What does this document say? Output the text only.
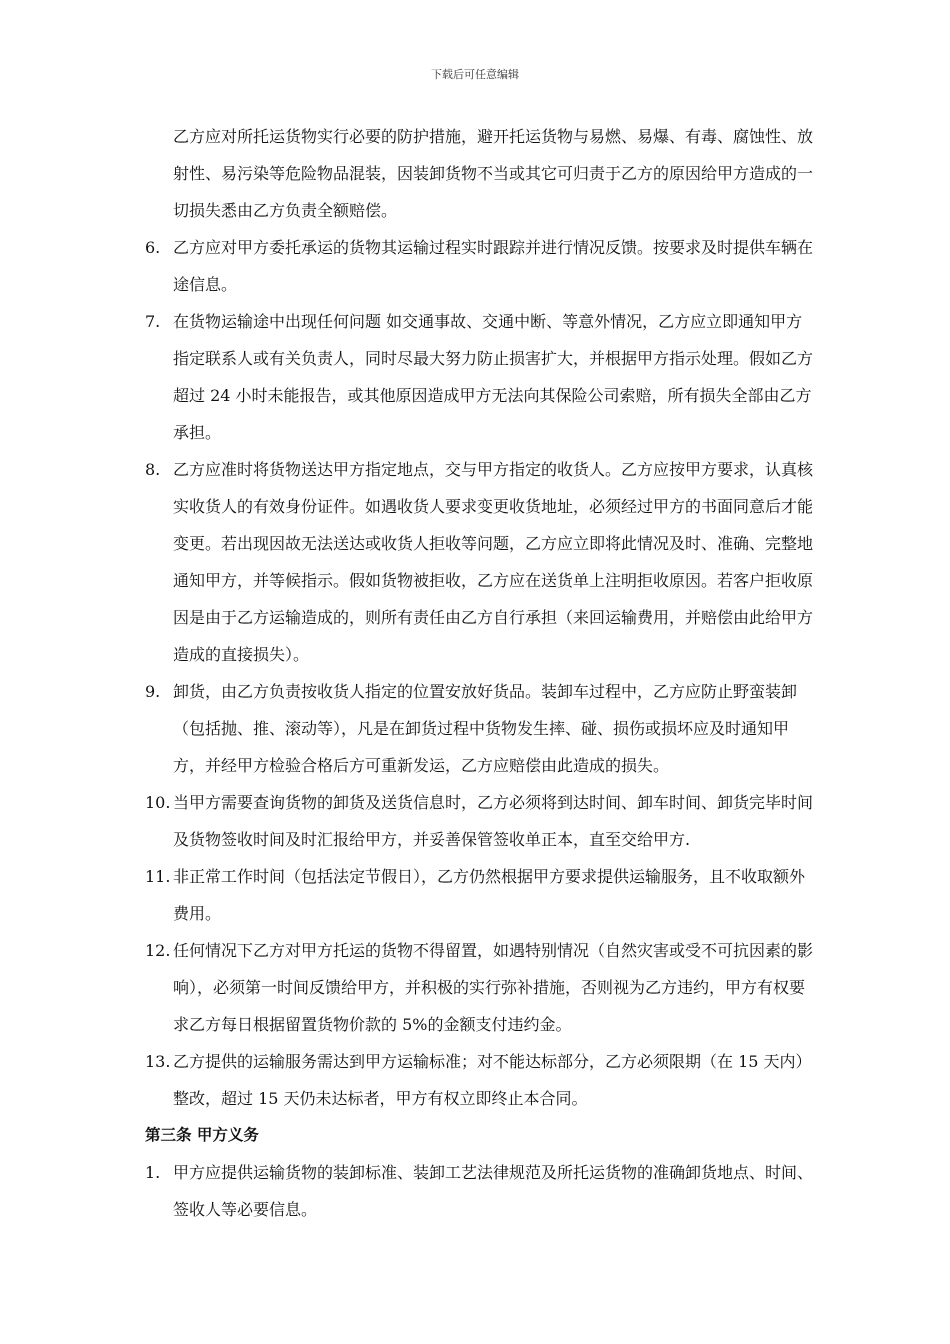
下载后可任意编辑
乙方应对所托运货物实行必要的防护措施，避开托运货物与易燃、易爆、有毒、腐蚀性、放射性、易污染等危险物品混装，因装卸货物不当或其它可归责于乙方的原因给甲方造成的一切损失悉由乙方负责全额赔偿。
6. 乙方应对甲方委托承运的货物其运输过程实时跟踪并进行情况反馈。按要求及时提供车辆在途信息。
7. 在货物运输途中出现任何问题 如交通事故、交通中断、等意外情况，乙方应立即通知甲方指定联系人或有关负责人，同时尽最大努力防止损害扩大，并根据甲方指示处理。假如乙方超过 24 小时未能报告，或其他原因造成甲方无法向其保险公司索赔，所有损失全部由乙方承担。
8. 乙方应准时将货物送达甲方指定地点，交与甲方指定的收货人。乙方应按甲方要求，认真核实收货人的有效身份证件。如遇收货人要求变更收货地址，必须经过甲方的书面同意后才能变更。若出现因故无法送达或收货人拒收等问题，乙方应立即将此情况及时、准确、完整地通知甲方，并等候指示。假如货物被拒收，乙方应在送货单上注明拒收原因。若客户拒收原因是由于乙方运输造成的，则所有责任由乙方自行承担（来回运输费用，并赔偿由此给甲方造成的直接损失）。
9. 卸货，由乙方负责按收货人指定的位置安放好货品。装卸车过程中，乙方应防止野蛮装卸（包括抛、推、滚动等），凡是在卸货过程中货物发生摔、碰、损伤或损坏应及时通知甲方，并经甲方检验合格后方可重新发运，乙方应赔偿由此造成的损失。
10. 当甲方需要查询货物的卸货及送货信息时，乙方必须将到达时间、卸车时间、卸货完毕时间及货物签收时间及时汇报给甲方，并妥善保管签收单正本，直至交给甲方.
11. 非正常工作时间（包括法定节假日），乙方仍然根据甲方要求提供运输服务，且不收取额外费用。
12. 任何情况下乙方对甲方托运的货物不得留置，如遇特别情况（自然灾害或受不可抗因素的影响），必须第一时间反馈给甲方，并积极的实行弥补措施，否则视为乙方违约，甲方有权要求乙方每日根据留置货物价款的 5%的金额支付违约金。
13. 乙方提供的运输服务需达到甲方运输标准；对不能达标部分，乙方必须限期（在 15 天内）整改，超过 15 天仍未达标者，甲方有权立即终止本合同。
第三条 甲方义务
1. 甲方应提供运输货物的装卸标准、装卸工艺法律规范及所托运货物的准确卸货地点、时间、签收人等必要信息。
